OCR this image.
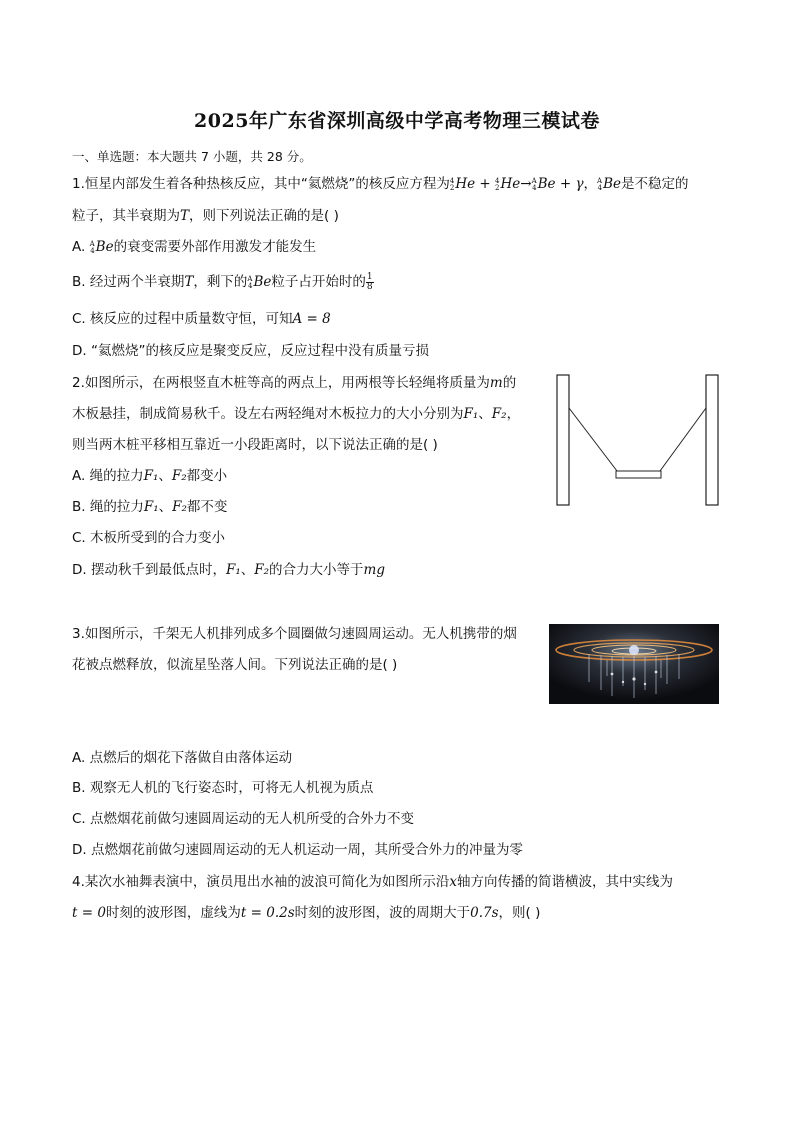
2025年广东省深圳高级中学高考物理三模试卷
一、单选题：本大题共 7 小题，共 28 分。
1.恒星内部发生着各种热核反应，其中“氦燃烧”的核反应方程为 4
2 He + 4
2 He→ A
4 Be + γ， A
4 Be是不稳定的
粒子，其半衰期为T，则下列说法正确的是( )
A. A
4 Be的衰变需要外部作用激发才能发生
B. 经过两个半衰期T，剩下的 A
4 Be粒子占开始时的 $\frac{1}{8}$
C. 核反应的过程中质量数守恒，可知A = 8
D. “氦燃烧”的核反应是聚变反应，反应过程中没有质量亏损
2.如图所示，在两根竖直木桩等高的两点上，用两根等长轻绳将质量为m的
木板悬挂，制成简易秋千。设左右两轻绳对木板拉力的大小分别为F₁、F₂，
则当两木桩平移相互靠近一小段距离时，以下说法正确的是( )
A. 绳的拉力F₁、F₂都变小
B. 绳的拉力F₁、F₂都不变
C. 木板所受到的合力变小
D. 摆动秋千到最低点时，F₁、F₂的合力大小等于mg
3.如图所示，千架无人机排列成多个圆圈做匀速圆周运动。无人机携带的烟
花被点燃释放，似流星坠落人间。下列说法正确的是( )
A. 点燃后的烟花下落做自由落体运动
B. 观察无人机的飞行姿态时，可将无人机视为质点
C. 点燃烟花前做匀速圆周运动的无人机所受的合外力不变
D. 点燃烟花前做匀速圆周运动的无人机运动一周，其所受合外力的冲量为零
4.某次水袖舞表演中，演员甩出水袖的波浪可简化为如图所示沿x轴方向传播的简谐横波，其中实线为
t = 0时刻的波形图，虚线为t = 0.2s时刻的波形图，波的周期大于0.7s，则( )
